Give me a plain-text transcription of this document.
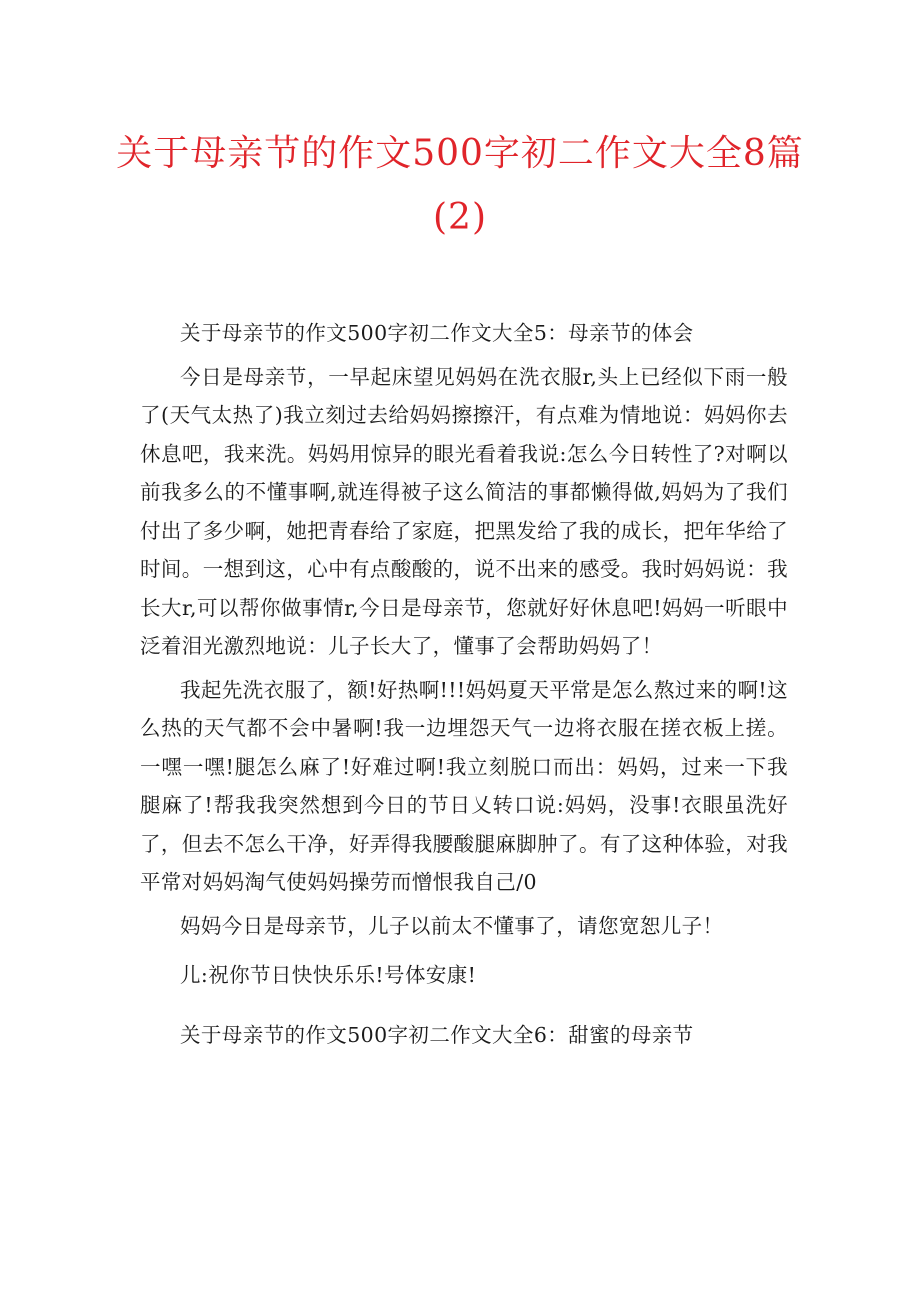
关于母亲节的作文500字初二作文大全8篇
(2)

关于母亲节的作文500字初二作文大全5：母亲节的体会

今日是母亲节，一早起床望见妈妈在洗衣服r,头上已经似下雨一般了(天气太热了)我立刻过去给妈妈擦擦汗，有点难为情地说：妈妈你去休息吧，我来洗。妈妈用惊异的眼光看着我说:怎么今日转性了?对啊以前我多么的不懂事啊,就连得被子这么简洁的事都懒得做,妈妈为了我们付出了多少啊，她把青春给了家庭，把黑发给了我的成长，把年华给了时间。一想到这，心中有点酸酸的，说不出来的感受。我时妈妈说：我长大r,可以帮你做事情r,今日是母亲节，您就好好休息吧!妈妈一听眼中泛着泪光激烈地说：儿子长大了，懂事了会帮助妈妈了！

我起先洗衣服了，额!好热啊!!!妈妈夏天平常是怎么熬过来的啊!这么热的天气都不会中暑啊!我一边埋怨天气一边将衣服在搓衣板上搓。一嘿一嘿!腿怎么麻了!好难过啊!我立刻脱口而出：妈妈，过来一下我腿麻了!帮我我突然想到今日的节日乂转口说:妈妈，没事!衣眼虽洗好了，但去不怎么干净，好弄得我腰酸腿麻脚肿了。有了这种体验，对我平常对妈妈淘气使妈妈操劳而憎恨我自己/0

妈妈今日是母亲节，儿子以前太不懂事了，请您宽恕儿子！

儿:祝你节日快快乐乐!号体安康!

关于母亲节的作文500字初二作文大全6：甜蜜的母亲节
